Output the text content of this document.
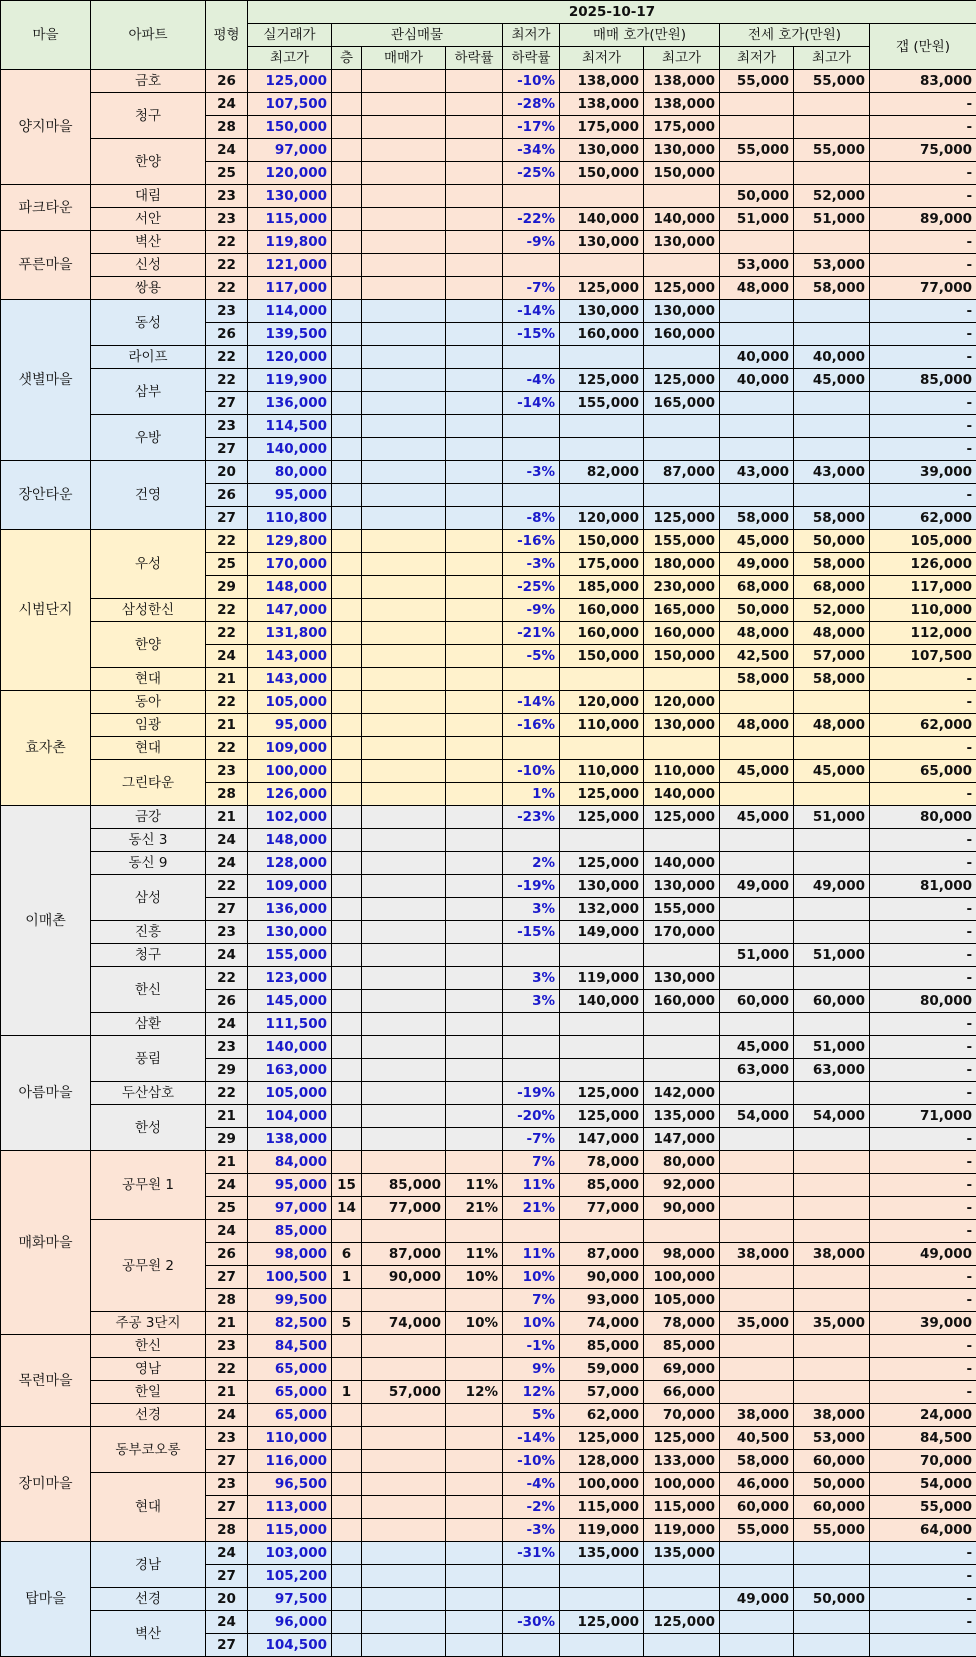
마을	아파트	평형	2025-10-17									
			실거래가	관심매물			최저가	매매 호가(만원)		전세 호가(만원)		갭 (만원)
			최고가	층	매매가	하락률	하락률	최저가	최고가	최저가	최고가	
양지마을	금호	26	125,000				-10%	138,000	138,000	55,000	55,000	83,000
	청구	24	107,500				-28%	138,000	138,000			-
		28	150,000				-17%	175,000	175,000			-
	한양	24	97,000				-34%	130,000	130,000	55,000	55,000	75,000
		25	120,000				-25%	150,000	150,000			-
파크타운	대림	23	130,000							50,000	52,000	-
	서안	23	115,000				-22%	140,000	140,000	51,000	51,000	89,000
푸른마을	벽산	22	119,800				-9%	130,000	130,000			-
	신성	22	121,000							53,000	53,000	-
	쌍용	22	117,000				-7%	125,000	125,000	48,000	58,000	77,000
샛별마을	동성	23	114,000				-14%	130,000	130,000			-
		26	139,500				-15%	160,000	160,000			-
	라이프	22	120,000							40,000	40,000	-
	삼부	22	119,900				-4%	125,000	125,000	40,000	45,000	85,000
		27	136,000				-14%	155,000	165,000			-
	우방	23	114,500									-
		27	140,000									-
장안타운	건영	20	80,000				-3%	82,000	87,000	43,000	43,000	39,000
		26	95,000									-
		27	110,800				-8%	120,000	125,000	58,000	58,000	62,000
시범단지	우성	22	129,800				-16%	150,000	155,000	45,000	50,000	105,000
		25	170,000				-3%	175,000	180,000	49,000	58,000	126,000
		29	148,000				-25%	185,000	230,000	68,000	68,000	117,000
	삼성한신	22	147,000				-9%	160,000	165,000	50,000	52,000	110,000
	한양	22	131,800				-21%	160,000	160,000	48,000	48,000	112,000
		24	143,000				-5%	150,000	150,000	42,500	57,000	107,500
	현대	21	143,000							58,000	58,000	-
효자촌	동아	22	105,000				-14%	120,000	120,000			-
	임광	21	95,000				-16%	110,000	130,000	48,000	48,000	62,000
	현대	22	109,000									-
	그린타운	23	100,000				-10%	110,000	110,000	45,000	45,000	65,000
		28	126,000				1%	125,000	140,000			-
이매촌	금강	21	102,000				-23%	125,000	125,000	45,000	51,000	80,000
	동신 3	24	148,000									-
	동신 9	24	128,000				2%	125,000	140,000			-
	삼성	22	109,000				-19%	130,000	130,000	49,000	49,000	81,000
		27	136,000				3%	132,000	155,000			-
	진흥	23	130,000				-15%	149,000	170,000			-
	청구	24	155,000							51,000	51,000	-
	한신	22	123,000				3%	119,000	130,000			-
		26	145,000				3%	140,000	160,000	60,000	60,000	80,000
	삼환	24	111,500									-
아름마을	풍림	23	140,000							45,000	51,000	-
		29	163,000							63,000	63,000	-
	두산삼호	22	105,000				-19%	125,000	142,000			-
	한성	21	104,000				-20%	125,000	135,000	54,000	54,000	71,000
		29	138,000				-7%	147,000	147,000			-
매화마을	공무원 1	21	84,000				7%	78,000	80,000			-
		24	95,000	15	85,000	11%	11%	85,000	92,000			-
		25	97,000	14	77,000	21%	21%	77,000	90,000			-
	공무원 2	24	85,000									-
		26	98,000	6	87,000	11%	11%	87,000	98,000	38,000	38,000	49,000
		27	100,500	1	90,000	10%	10%	90,000	100,000			-
		28	99,500				7%	93,000	105,000			-
	주공 3단지	21	82,500	5	74,000	10%	10%	74,000	78,000	35,000	35,000	39,000
목련마을	한신	23	84,500				-1%	85,000	85,000			-
	영남	22	65,000				9%	59,000	69,000			-
	한일	21	65,000	1	57,000	12%	12%	57,000	66,000			-
	선경	24	65,000				5%	62,000	70,000	38,000	38,000	24,000
장미마을	동부코오롱	23	110,000				-14%	125,000	125,000	40,500	53,000	84,500
		27	116,000				-10%	128,000	133,000	58,000	60,000	70,000
	현대	23	96,500				-4%	100,000	100,000	46,000	50,000	54,000
		27	113,000				-2%	115,000	115,000	60,000	60,000	55,000
		28	115,000				-3%	119,000	119,000	55,000	55,000	64,000
탑마을	경남	24	103,000				-31%	135,000	135,000			-
		27	105,200									-
	선경	20	97,500							49,000	50,000	-
	벽산	24	96,000				-30%	125,000	125,000			-
		27	104,500									
